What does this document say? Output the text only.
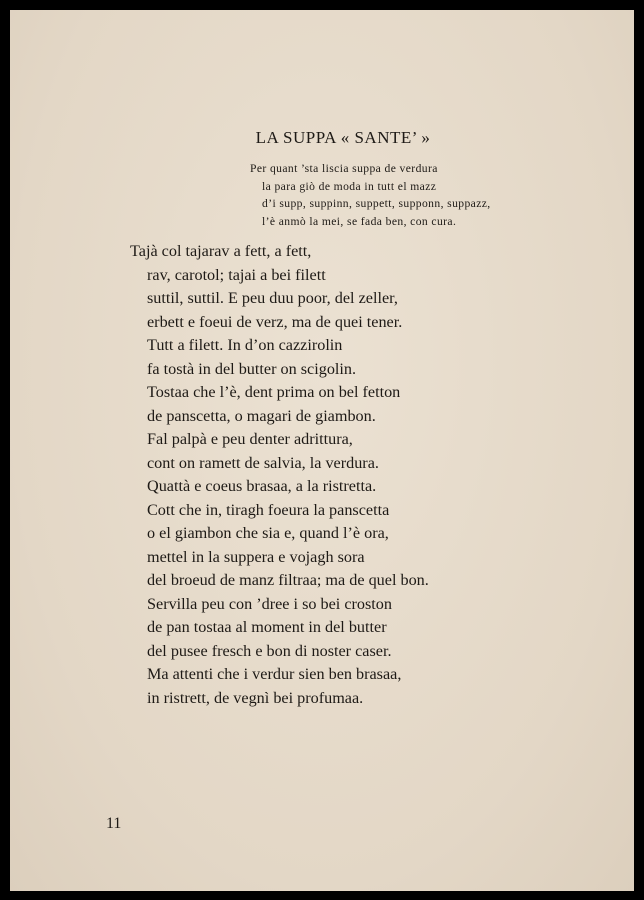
LA SUPPA « SANTE’ »
Per quant ’sta liscia suppa de verdura
la para giò de moda in tutt el mazz
d’i supp, suppinn, suppett, supponn, suppazz,
l’è anmò la mei, se fada ben, con cura.
Tajà col tajarav a fett, a fett,
rav, carotol; tajai a bei filett
suttil, suttil. E peu duu poor, del zeller,
erbett e foeui de verz, ma de quei tener.
Tutt a filett. In d’on cazzirolin
fa tostà in del butter on scigolin.
Tostaa che l’è, dent prima on bel fetton
de panscetta, o magari de giambon.
Fal palpà e peu denter adrittura,
cont on ramett de salvia, la verdura.
Quattà e coeus brasaa, a la ristretta.
Cott che in, tiragh foeura la panscetta
o el giambon che sia e, quand l’è ora,
mettel in la suppera e vojagh sora
del broeud de manz filtraa; ma de quel bon.
Servilla peu con ’dree i so bei croston
de pan tostaa al moment in del butter
del pusee fresch e bon di noster caser.
Ma attenti che i verdur sien ben brasaa,
in ristrett, de vegnì bei profumaa.
11
